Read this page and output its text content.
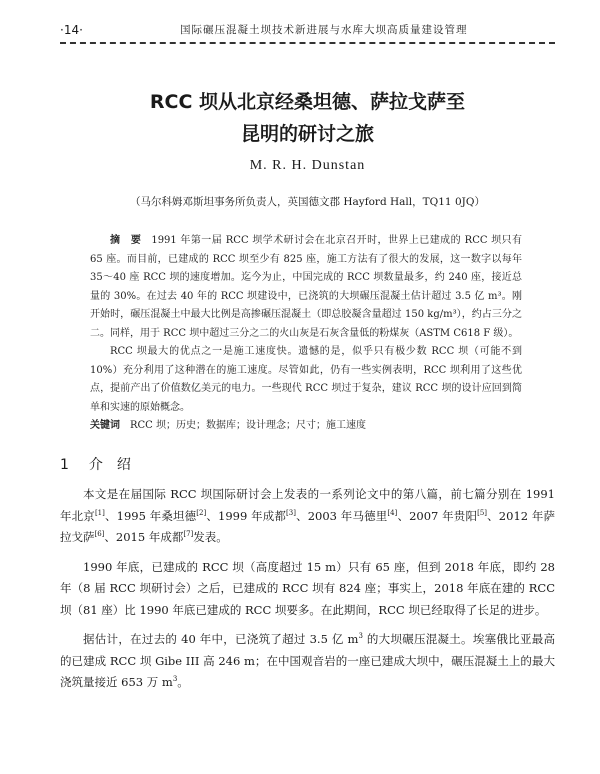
·14·	国际碾压混凝土坝技术新进展与水库大坝高质量建设管理
RCC 坝从北京经桑坦德、萨拉戈萨至
昆明的研讨之旅
M. R. H. Dunstan
（马尔科姆邓斯坦事务所负责人，英国德文郡 Hayford Hall，TQ11 0JQ）

摘　要 1991 年第一届 RCC 坝学术研讨会在北京召开时，世界上已建成的 RCC 坝只有 65 座。而目前，已建成的 RCC 坝至少有 825 座，施工方法有了很大的发展，这一数字以每年 35～40 座 RCC 坝的速度增加。迄今为止，中国完成的 RCC 坝数量最多，约 240 座，接近总量的 30%。在过去 40 年的 RCC 坝建设中，已浇筑的大坝碾压混凝土估计超过 3.5 亿 m³。刚开始时，碾压混凝土中最大比例是高掺碾压混凝土（即总胶凝含量超过 150 kg/m³），约占三分之二。同样，用于 RCC 坝中超过三分之二的火山灰是石灰含量低的粉煤灰（ASTM C618 F 级）。

RCC 坝最大的优点之一是施工速度快。遗憾的是，似乎只有极少数 RCC 坝（可能不到 10%）充分利用了这种潜在的施工速度。尽管如此，仍有一些实例表明，RCC 坝利用了这些优点，提前产出了价值数亿美元的电力。一些现代 RCC 坝过于复杂，建议 RCC 坝的设计应回到简单和实速的原始概念。

关键词 RCC 坝；历史；数据库；设计理念；尺寸；施工速度

1 介　绍

本文是在届国际 RCC 坝国际研讨会上发表的一系列论文中的第八篇，前七篇分别在 1991 年北京[1]、1995 年桑坦德[2]、1999 年成都[3]、2003 年马德里[4]、2007 年贵阳[5]、2012 年萨拉戈萨[6]、2015 年成都[7]发表。

1990 年底，已建成的 RCC 坝（高度超过 15 m）只有 65 座，但到 2018 年底，即约 28 年（8 届 RCC 坝研讨会）之后，已建成的 RCC 坝有 824 座；事实上，2018 年底在建的 RCC 坝（81 座）比 1990 年底已建成的 RCC 坝要多。在此期间，RCC 坝已经取得了长足的进步。

据估计，在过去的 40 年中，已浇筑了超过 3.5 亿 $m^3$ 的大坝碾压混凝土。埃塞俄比亚最高的已建成 RCC 坝 Gibe III 高 246 m；在中国观音岩的一座已建成大坝中，碾压混凝土上的最大浇筑量接近 653 万 $m^3$。
